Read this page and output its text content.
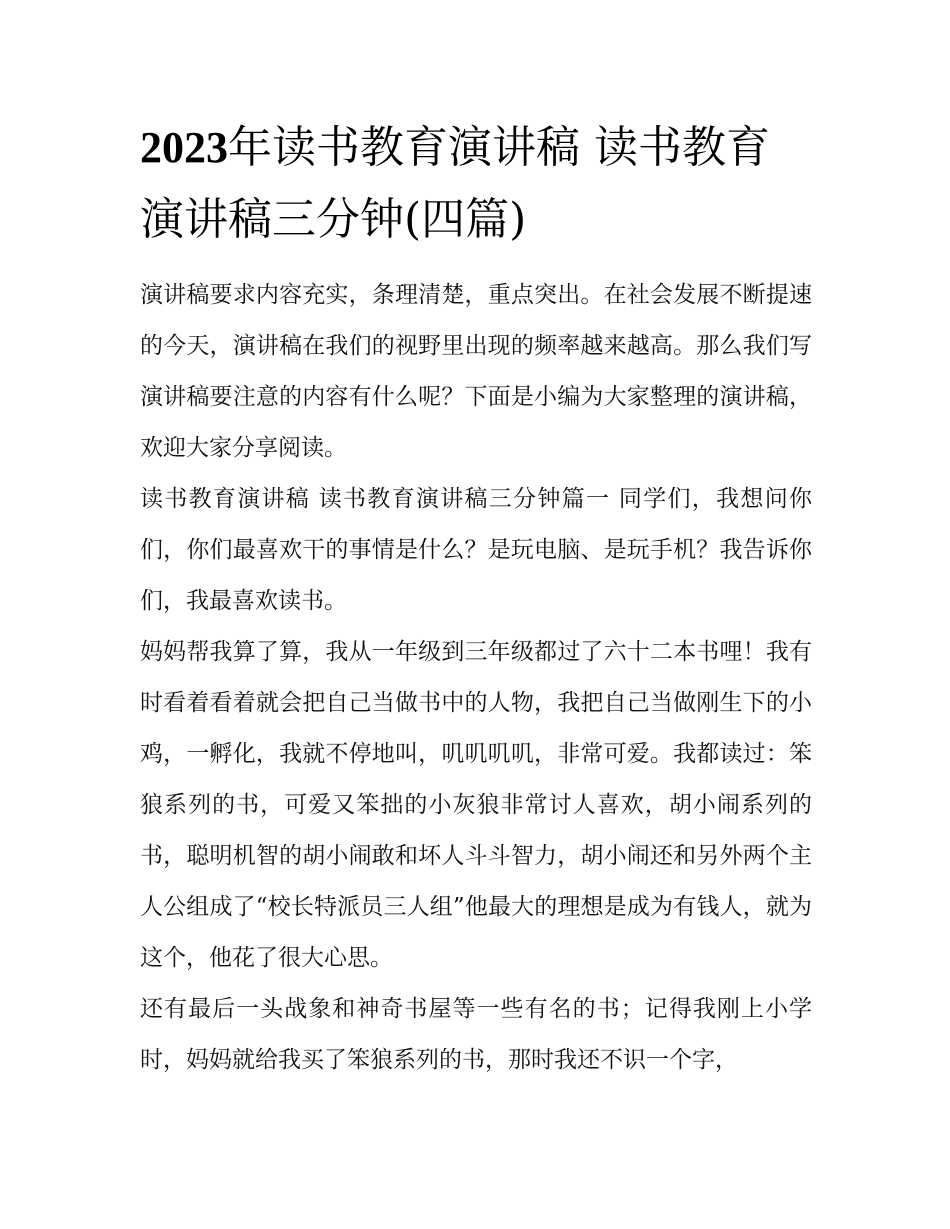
2023年读书教育演讲稿 读书教育演讲稿三分钟(四篇)

演讲稿要求内容充实，条理清楚，重点突出。在社会发展不断提速的今天，演讲稿在我们的视野里出现的频率越来越高。那么我们写演讲稿要注意的内容有什么呢？下面是小编为大家整理的演讲稿，欢迎大家分享阅读。

读书教育演讲稿 读书教育演讲稿三分钟篇一 同学们，我想问你们，你们最喜欢干的事情是什么？是玩电脑、是玩手机？我告诉你们，我最喜欢读书。

妈妈帮我算了算，我从一年级到三年级都过了六十二本书哩！我有时看着看着就会把自己当做书中的人物，我把自己当做刚生下的小鸡，一孵化，我就不停地叫，叽叽叽叽，非常可爱。我都读过：笨狼系列的书，可爱又笨拙的小灰狼非常讨人喜欢，胡小闹系列的书，聪明机智的胡小闹敢和坏人斗斗智力，胡小闹还和另外两个主人公组成了“校长特派员三人组”他最大的理想是成为有钱人，就为这个，他花了很大心思。

还有最后一头战象和神奇书屋等一些有名的书；记得我刚上小学时，妈妈就给我买了笨狼系列的书，那时我还不识一个字，
